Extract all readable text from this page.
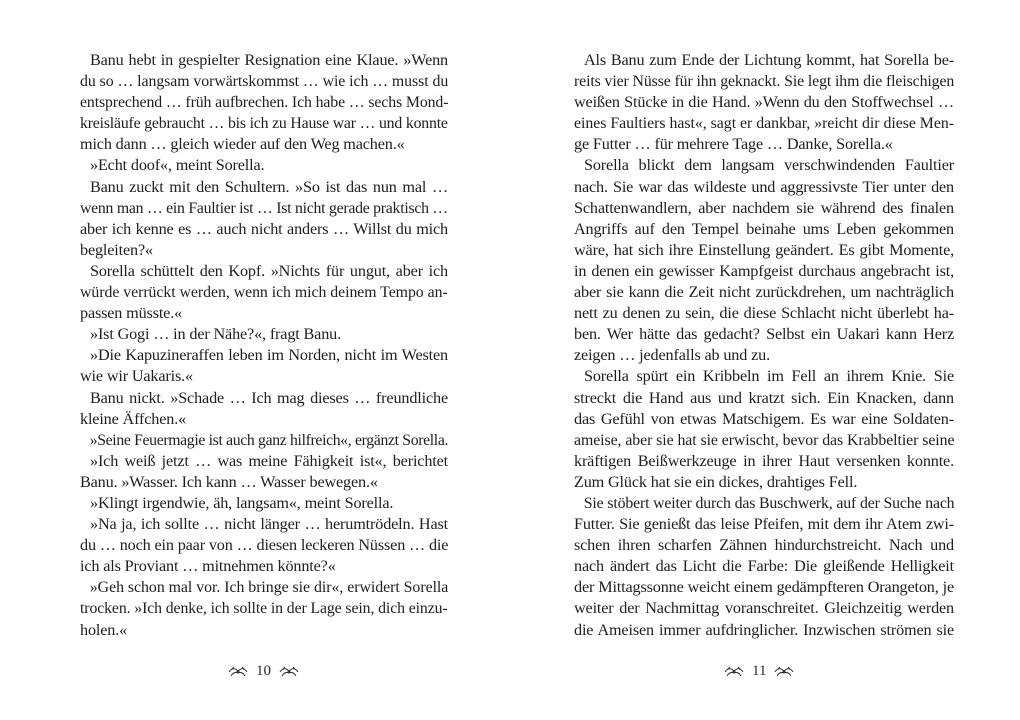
Banu hebt in gespielter Resignation eine Klaue. »Wenn
du so … langsam vorwärtskommst … wie ich … musst du
entsprechend … früh aufbrechen. Ich habe … sechs Mond-
kreisläufe gebraucht … bis ich zu Hause war … und konnte
mich dann … gleich wieder auf den Weg machen.«
»Echt doof«, meint Sorella.
Banu zuckt mit den Schultern. »So ist das nun mal …
wenn man … ein Faultier ist … Ist nicht gerade praktisch …
aber ich kenne es … auch nicht anders … Willst du mich
begleiten?«
Sorella schüttelt den Kopf. »Nichts für ungut, aber ich
würde verrückt werden, wenn ich mich deinem Tempo an-
passen müsste.«
»Ist Gogi … in der Nähe?«, fragt Banu.
»Die Kapuzineraffen leben im Norden, nicht im Westen
wie wir Uakaris.«
Banu nickt. »Schade … Ich mag dieses … freundliche
kleine Äffchen.«
»Seine Feuermagie ist auch ganz hilfreich«, ergänzt Sorella.
»Ich weiß jetzt … was meine Fähigkeit ist«, berichtet
Banu. »Wasser. Ich kann … Wasser bewegen.«
»Klingt irgendwie, äh, langsam«, meint Sorella.
»Na ja, ich sollte … nicht länger … herumtrödeln. Hast
du … noch ein paar von … diesen leckeren Nüssen … die
ich als Proviant … mitnehmen könnte?«
»Geh schon mal vor. Ich bringe sie dir«, erwidert Sorella
trocken. »Ich denke, ich sollte in der Lage sein, dich einzu-
holen.«
10
Als Banu zum Ende der Lichtung kommt, hat Sorella be-
reits vier Nüsse für ihn geknackt. Sie legt ihm die fleischigen
weißen Stücke in die Hand. »Wenn du den Stoffwechsel …
eines Faultiers hast«, sagt er dankbar, »reicht dir diese Men-
ge Futter … für mehrere Tage … Danke, Sorella.«
Sorella blickt dem langsam verschwindenden Faultier
nach. Sie war das wildeste und aggressivste Tier unter den
Schattenwandlern, aber nachdem sie während des finalen
Angriffs auf den Tempel beinahe ums Leben gekommen
wäre, hat sich ihre Einstellung geändert. Es gibt Momente,
in denen ein gewisser Kampfgeist durchaus angebracht ist,
aber sie kann die Zeit nicht zurückdrehen, um nachträglich
nett zu denen zu sein, die diese Schlacht nicht überlebt ha-
ben. Wer hätte das gedacht? Selbst ein Uakari kann Herz
zeigen … jedenfalls ab und zu.
Sorella spürt ein Kribbeln im Fell an ihrem Knie. Sie
streckt die Hand aus und kratzt sich. Ein Knacken, dann
das Gefühl von etwas Matschigem. Es war eine Soldaten-
ameise, aber sie hat sie erwischt, bevor das Krabbeltier seine
kräftigen Beißwerkzeuge in ihrer Haut versenken konnte.
Zum Glück hat sie ein dickes, drahtiges Fell.
Sie stöbert weiter durch das Buschwerk, auf der Suche nach
Futter. Sie genießt das leise Pfeifen, mit dem ihr Atem zwi-
schen ihren scharfen Zähnen hindurchstreicht. Nach und
nach ändert das Licht die Farbe: Die gleißende Helligkeit
der Mittagssonne weicht einem gedämpfteren Orangeton, je
weiter der Nachmittag voranschreitet. Gleichzeitig werden
die Ameisen immer aufdringlicher. Inzwischen strömen sie
11
